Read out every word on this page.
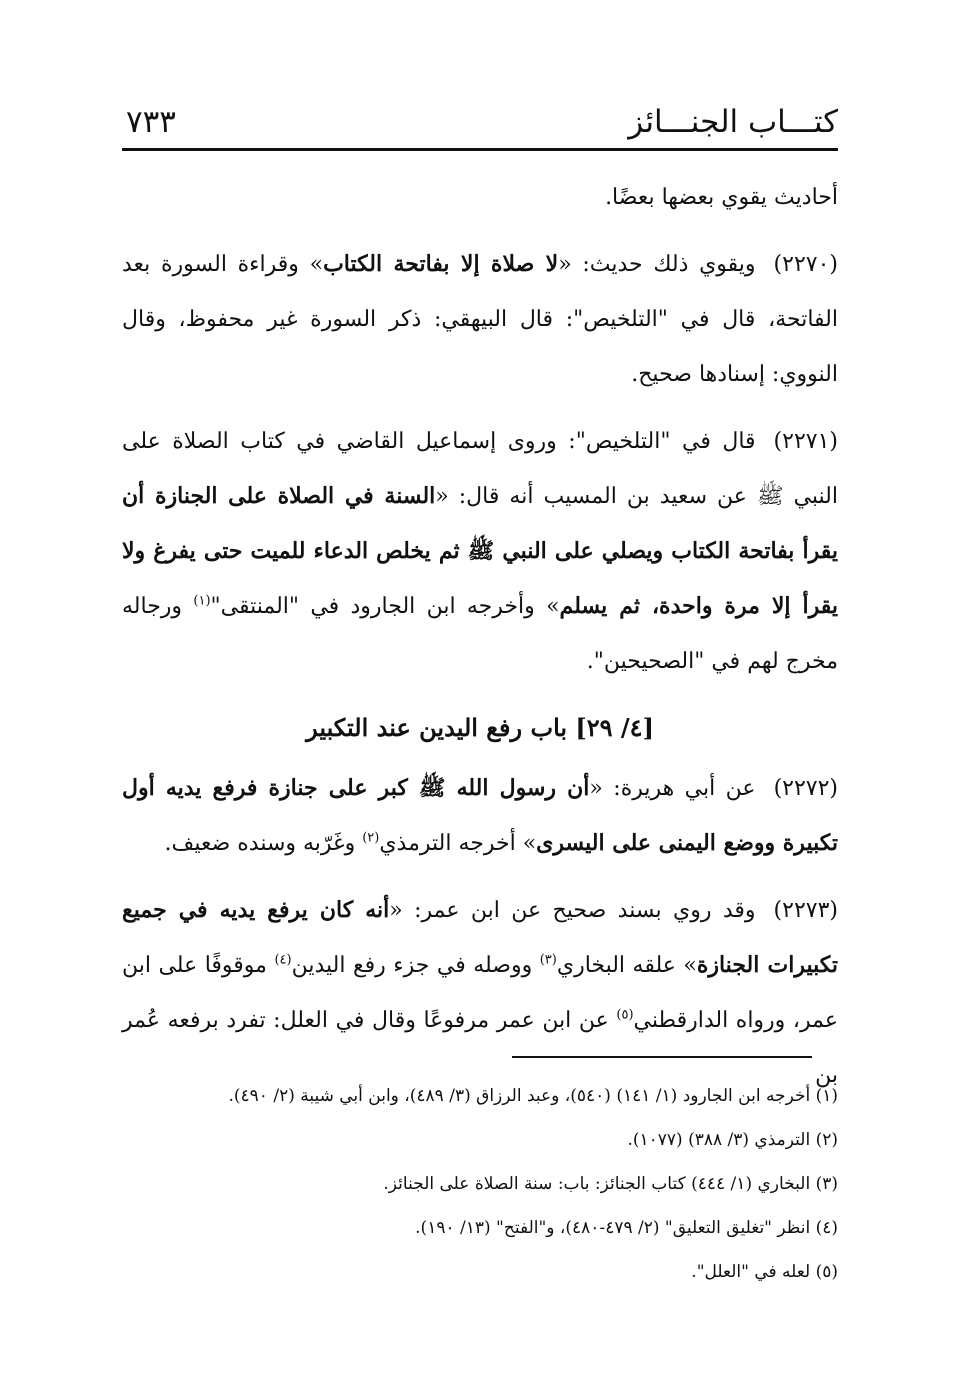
كتـــاب الجنـــائز
٧٣٣

أحاديث يقوي بعضها بعضًا.

(٢٢٧٠)ويقوي ذلك حديث: «لا صلاة إلا بفاتحة الكتاب» وقراءة السورة بعد الفاتحة، قال في "التلخيص": قال البيهقي: ذكر السورة غير محفوظ، وقال النووي: إسنادها صحيح.

(٢٢٧١)قال في "التلخيص": وروى إسماعيل القاضي في كتاب الصلاة على النبي ﷺ عن سعيد بن المسيب أنه قال: «السنة في الصلاة على الجنازة أن يقرأ بفاتحة الكتاب ويصلي على النبي ﷺ ثم يخلص الدعاء للميت حتى يفرغ ولا يقرأ إلا مرة واحدة، ثم يسلم» وأخرجه ابن الجارود في "المنتقى"$^{(١)}$ ورجاله مخرج لهم في "الصحيحين".

[٤/ ٢٩] باب رفع اليدين عند التكبير

(٢٢٧٢)عن أبي هريرة: «أن رسول الله ﷺ كبر على جنازة فرفع يديه أول تكبيرة ووضع اليمنى على اليسرى» أخرجه الترمذي$^{(٢)}$ وغَرّبه وسنده ضعيف.

(٢٢٧٣)وقد روي بسند صحيح عن ابن عمر: «أنه كان يرفع يديه في جميع تكبيرات الجنازة» علقه البخاري$^{(٣)}$ ووصله في جزء رفع اليدين$^{(٤)}$ موقوفًا على ابن عمر، ورواه الدارقطني$^{(٥)}$ عن ابن عمر مرفوعًا وقال في العلل: تفرد برفعه عُمر بن

(١) أخرجه ابن الجارود (١/ ١٤١) (٥٤٠)، وعبد الرزاق (٣/ ٤٨٩)، وابن أبي شيبة (٢/ ٤٩٠).
(٢) الترمذي (٣/ ٣٨٨) (١٠٧٧).
(٣) البخاري (١/ ٤٤٤) كتاب الجنائز: باب: سنة الصلاة على الجنائز.
(٤) انظر "تغليق التعليق" (٢/ ٤٧٩-٤٨٠)، و"الفتح" (١٣/ ١٩٠).
(٥) لعله في "العلل".
